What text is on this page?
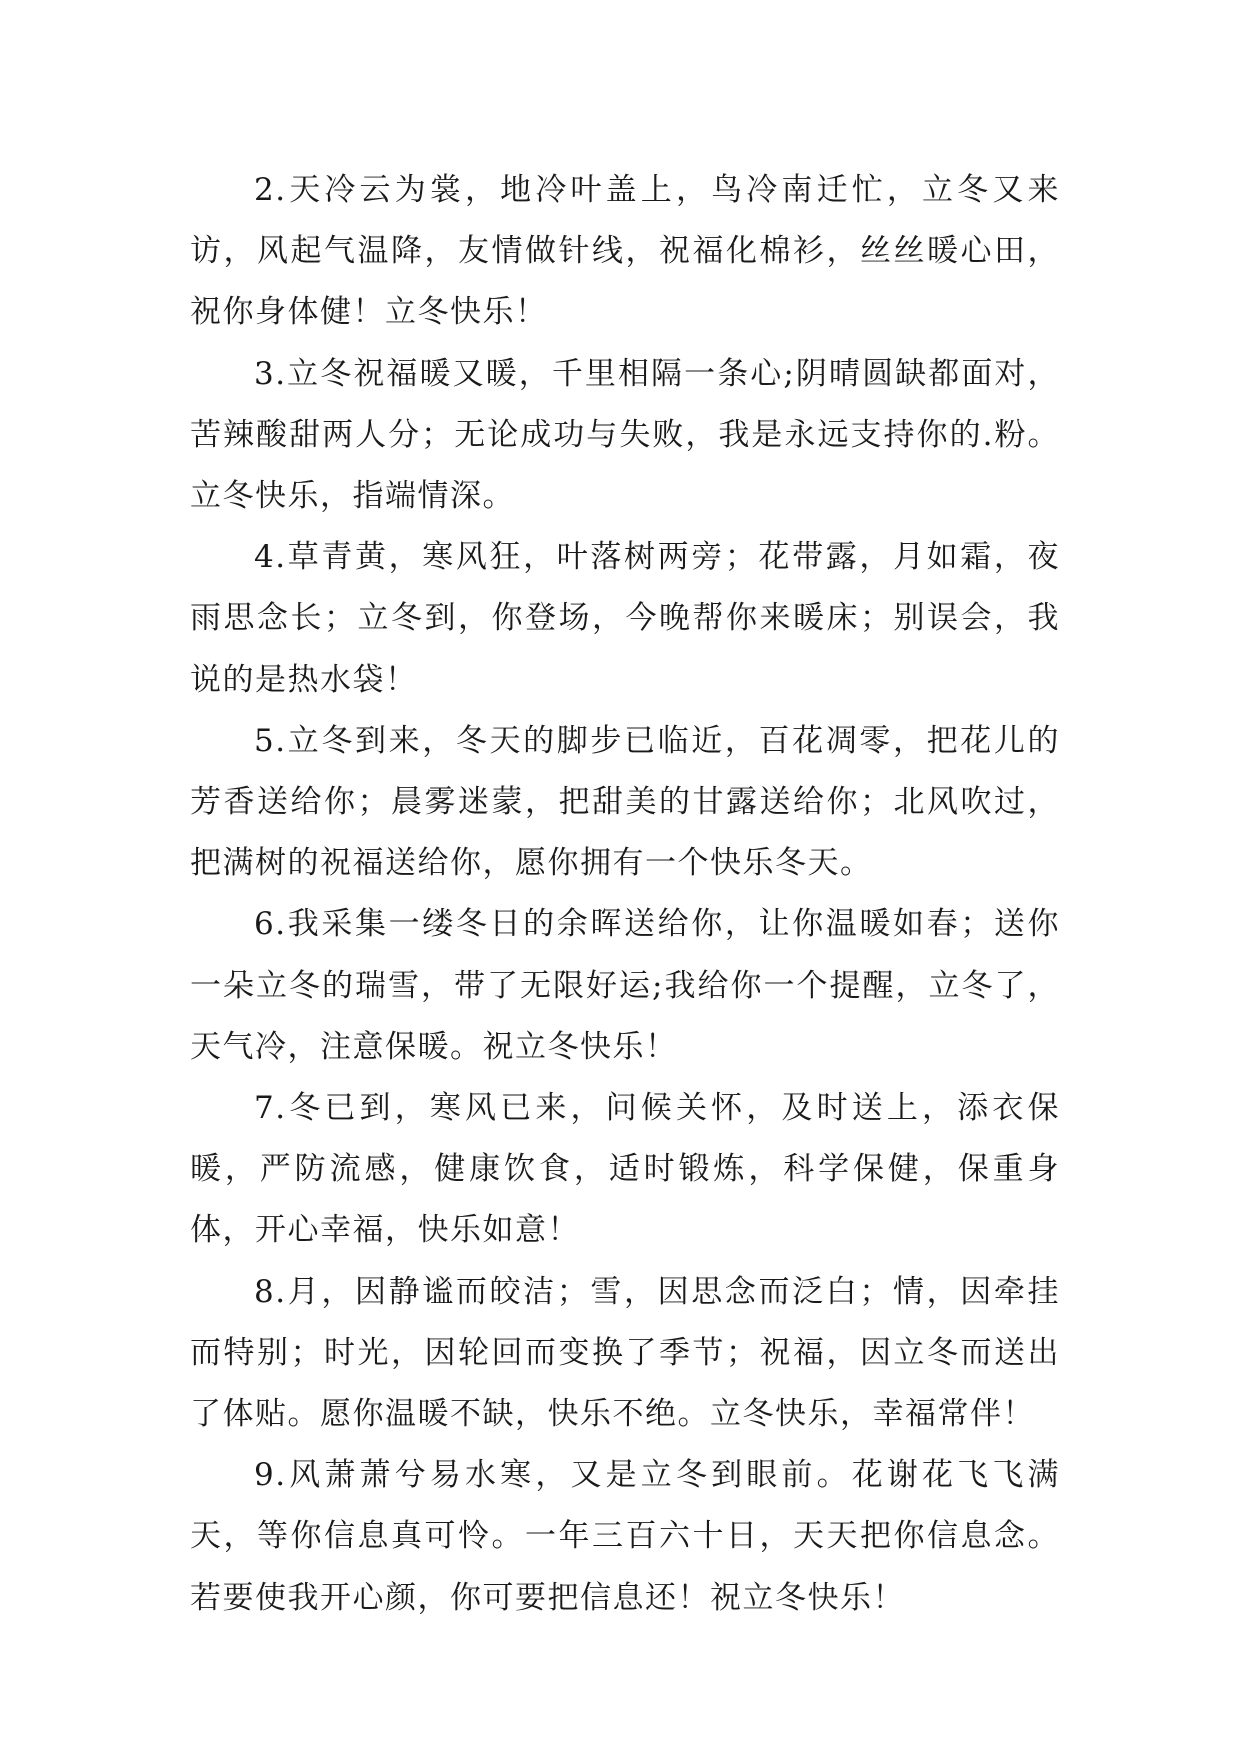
2.天冷云为裳，地冷叶盖上，鸟冷南迁忙，立冬又来访，风起气温降，友情做针线，祝福化棉衫，丝丝暖心田，祝你身体健！立冬快乐！

3.立冬祝福暖又暖，千里相隔一条心;阴晴圆缺都面对，苦辣酸甜两人分；无论成功与失败，我是永远支持你的.粉。立冬快乐，指端情深。

4.草青黄，寒风狂，叶落树两旁；花带露，月如霜，夜雨思念长；立冬到，你登场，今晚帮你来暖床；别误会，我说的是热水袋！

5.立冬到来，冬天的脚步已临近，百花凋零，把花儿的芳香送给你；晨雾迷蒙，把甜美的甘露送给你；北风吹过，把满树的祝福送给你，愿你拥有一个快乐冬天。

6.我采集一缕冬日的余晖送给你，让你温暖如春；送你一朵立冬的瑞雪，带了无限好运;我给你一个提醒，立冬了，天气冷，注意保暖。祝立冬快乐！

7.冬已到，寒风已来，问候关怀，及时送上，添衣保暖，严防流感，健康饮食，适时锻炼，科学保健，保重身体，开心幸福，快乐如意！

8.月，因静谧而皎洁；雪，因思念而泛白；情，因牵挂而特别；时光，因轮回而变换了季节；祝福，因立冬而送出了体贴。愿你温暖不缺，快乐不绝。立冬快乐，幸福常伴！

9.风萧萧兮易水寒，又是立冬到眼前。花谢花飞飞满天，等你信息真可怜。一年三百六十日，天天把你信息念。若要使我开心颜，你可要把信息还！祝立冬快乐！
